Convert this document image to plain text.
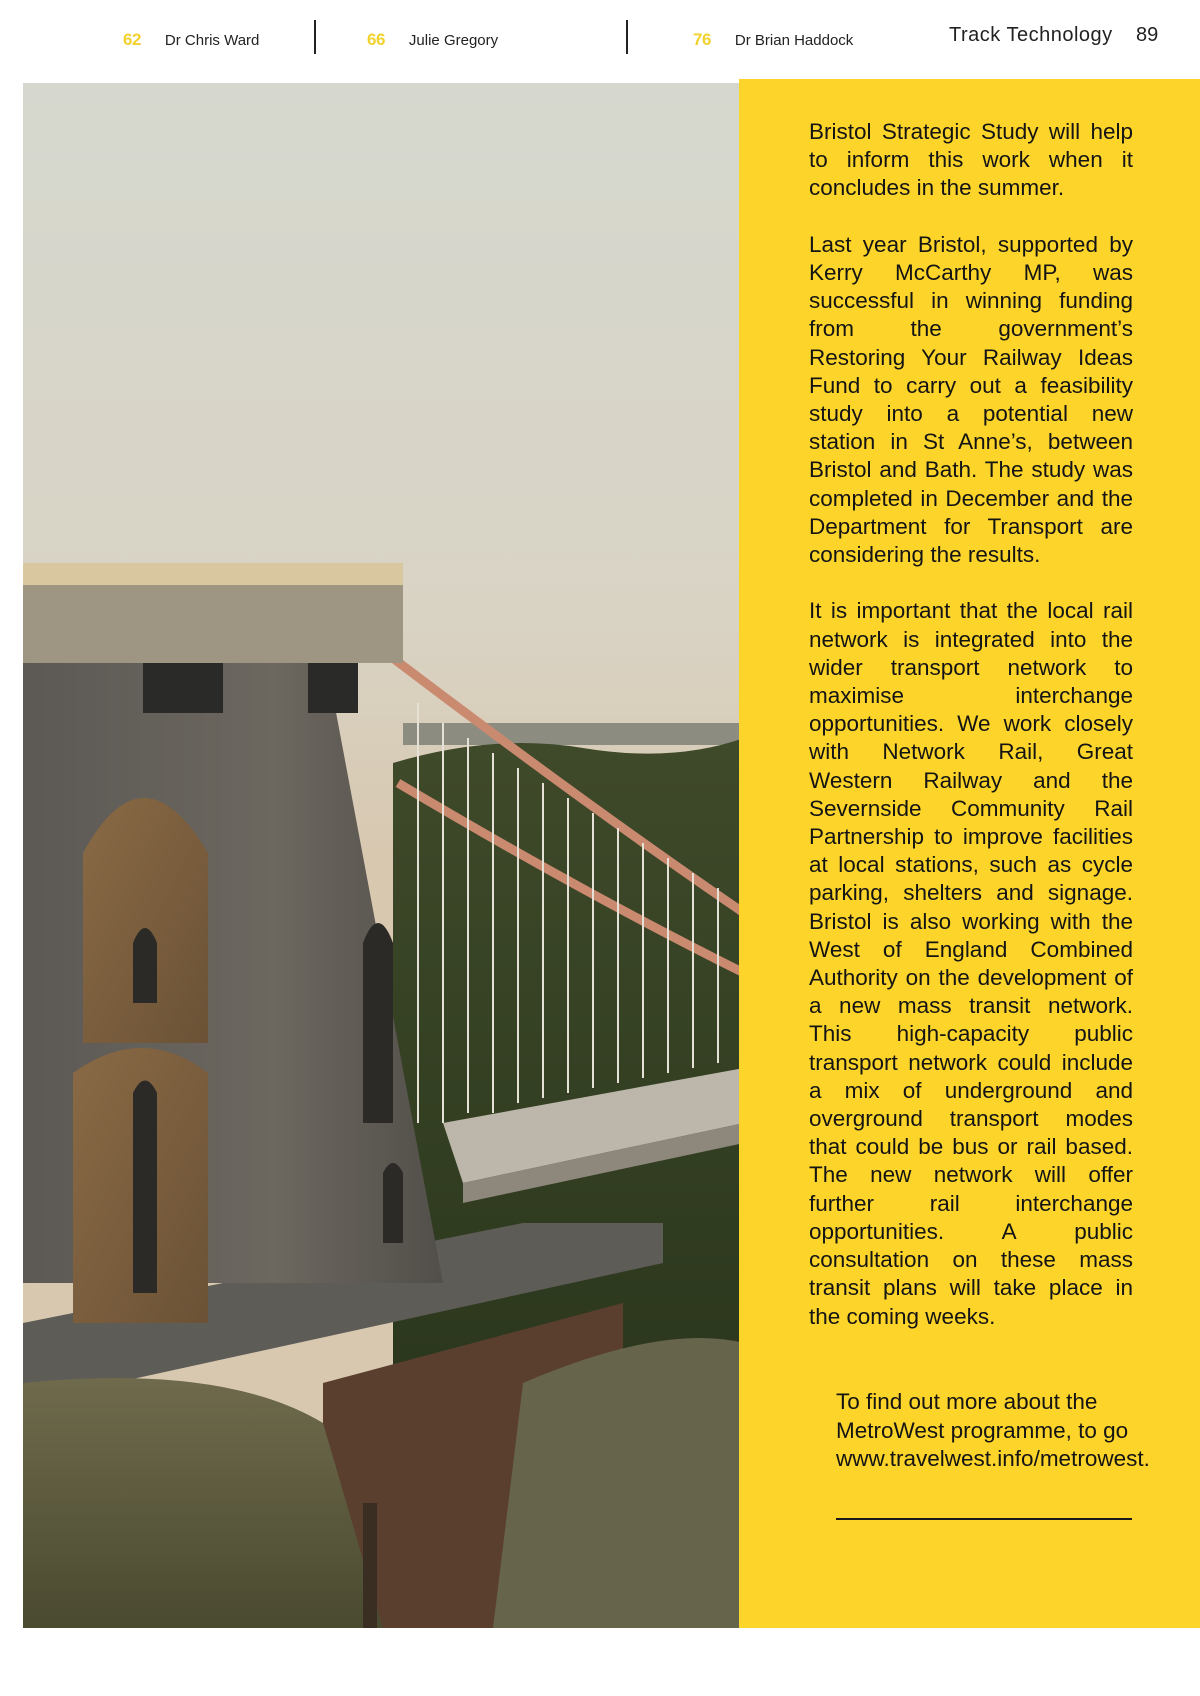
62 Dr Chris Ward	66 Julie Gregory	76 Dr Brian Haddock	Track Technology 89

Bristol Strategic Study will help to inform this work when it concludes in the summer.

Last year Bristol, supported by Kerry McCarthy MP, was successful in winning funding from the government’s Restoring Your Railway Ideas Fund to carry out a feasibility study into a potential new station in St Anne’s, between Bristol and Bath. The study was completed in December and the Department for Transport are considering the results.

It is important that the local rail network is integrated into the wider transport network to maximise interchange opportunities. We work closely with Network Rail, Great Western Railway and the Severnside Community Rail Partnership to improve facilities at local stations, such as cycle parking, shelters and signage. Bristol is also working with the West of England Combined Authority on the development of a new mass transit network. This high-capacity public transport network could include a mix of underground and overground transport modes that could be bus or rail based. The new network will offer further rail interchange opportunities. A public consultation on these mass transit plans will take place in the coming weeks.

To find out more about the MetroWest programme, to go www.travelwest.info/metrowest.
